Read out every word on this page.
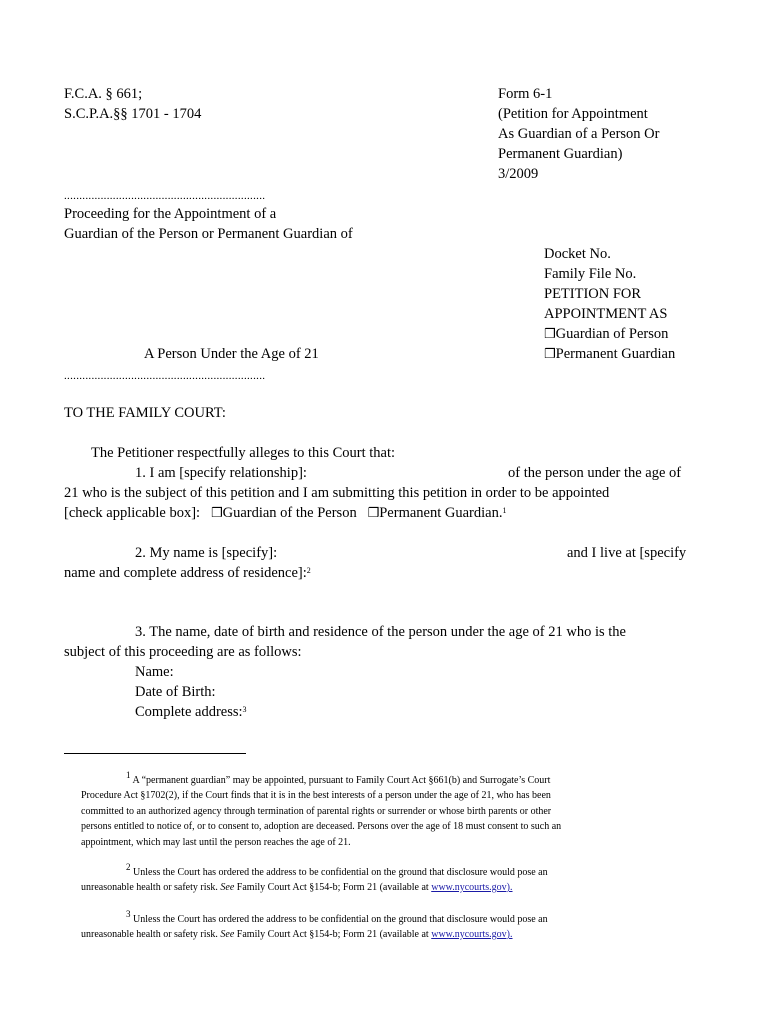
F.C.A. § 661;
S.C.P.A.§§ 1701 - 1704
Form 6-1
(Petition for Appointment
As Guardian of a Person Or
Permanent Guardian)
3/2009
..................................................................
Proceeding for the Appointment of a
Guardian of the Person or Permanent Guardian of
Docket No.
Family File No.
PETITION FOR
APPOINTMENT AS
❒Guardian of Person
❒Permanent Guardian
A Person Under the Age of 21
..................................................................
TO THE FAMILY COURT:
The Petitioner respectfully alleges to this Court that:
1. I am [specify relationship]:	of the person under the age of
21 who is the subject of this petition and I am submitting this petition in order to be appointed
[check applicable box]: ❒Guardian of the Person ❒Permanent Guardian.$^1$
2. My name is [specify]:	and I live at [specify
name and complete address of residence]:$^2$
3. The name, date of birth and residence of the person under the age of 21 who is the
subject of this proceeding are as follows:
Name:
Date of Birth:
Complete address:$^3$
1 A “permanent guardian” may be appointed, pursuant to Family Court Act §661(b) and Surrogate’s Court
Procedure Act §1702(2), if the Court finds that it is in the best interests of a person under the age of 21, who has been
committed to an authorized agency through termination of parental rights or surrender or whose birth parents or other
persons entitled to notice of, or to consent to, adoption are deceased. Persons over the age of 18 must consent to such an
appointment, which may last until the person reaches the age of 21.
2 Unless the Court has ordered the address to be confidential on the ground that disclosure would pose an
unreasonable health or safety risk. See Family Court Act §154-b; Form 21 (available at www.nycourts.gov).
3 Unless the Court has ordered the address to be confidential on the ground that disclosure would pose an
unreasonable health or safety risk. See Family Court Act §154-b; Form 21 (available at www.nycourts.gov).
